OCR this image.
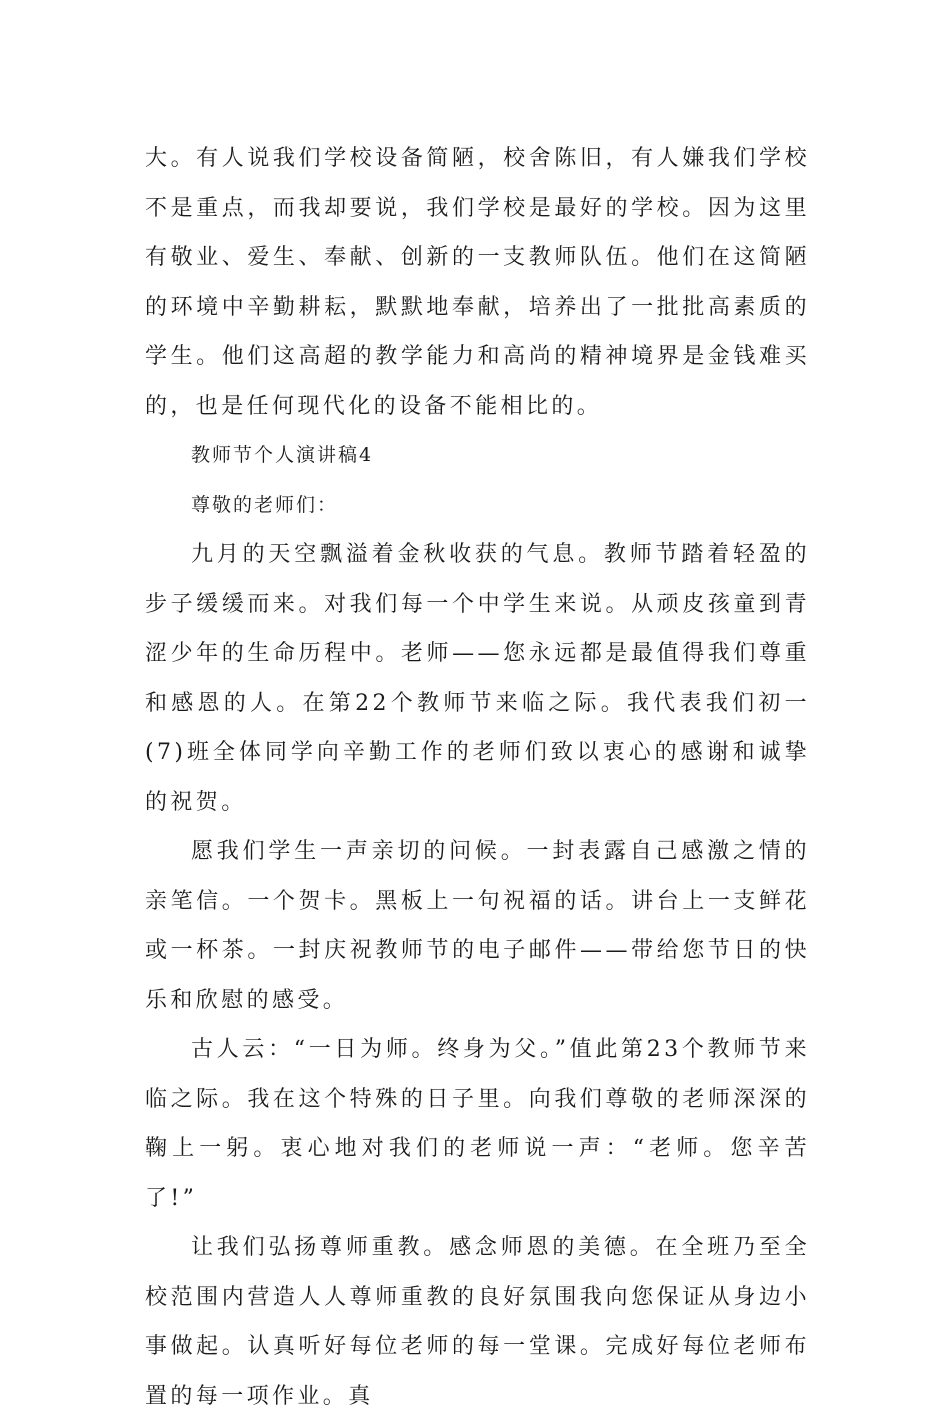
大。有人说我们学校设备简陋，校舍陈旧，有人嫌我们学校不是重点，而我却要说，我们学校是最好的学校。因为这里有敬业、爱生、奉献、创新的一支教师队伍。他们在这简陋的环境中辛勤耕耘，默默地奉献，培养出了一批批高素质的学生。他们这高超的教学能力和高尚的精神境界是金钱难买的，也是任何现代化的设备不能相比的。

教师节个人演讲稿4

尊敬的老师们：

九月的天空飘溢着金秋收获的气息。教师节踏着轻盈的步子缓缓而来。对我们每一个中学生来说。从顽皮孩童到青涩少年的生命历程中。老师——您永远都是最值得我们尊重和感恩的人。在第22个教师节来临之际。我代表我们初一(7)班全体同学向辛勤工作的老师们致以衷心的感谢和诚挚的祝贺。

愿我们学生一声亲切的问候。一封表露自己感激之情的亲笔信。一个贺卡。黑板上一句祝福的话。讲台上一支鲜花或一杯茶。一封庆祝教师节的电子邮件——带给您节日的快乐和欣慰的感受。

古人云：“一日为师。终身为父。”值此第23个教师节来临之际。我在这个特殊的日子里。向我们尊敬的老师深深的鞠上一躬。衷心地对我们的老师说一声：“老师。您辛苦了!”

让我们弘扬尊师重教。感念师恩的美德。在全班乃至全校范围内营造人人尊师重教的良好氛围我向您保证从身边小事做起。认真听好每位老师的每一堂课。完成好每位老师布置的每一项作业。真
